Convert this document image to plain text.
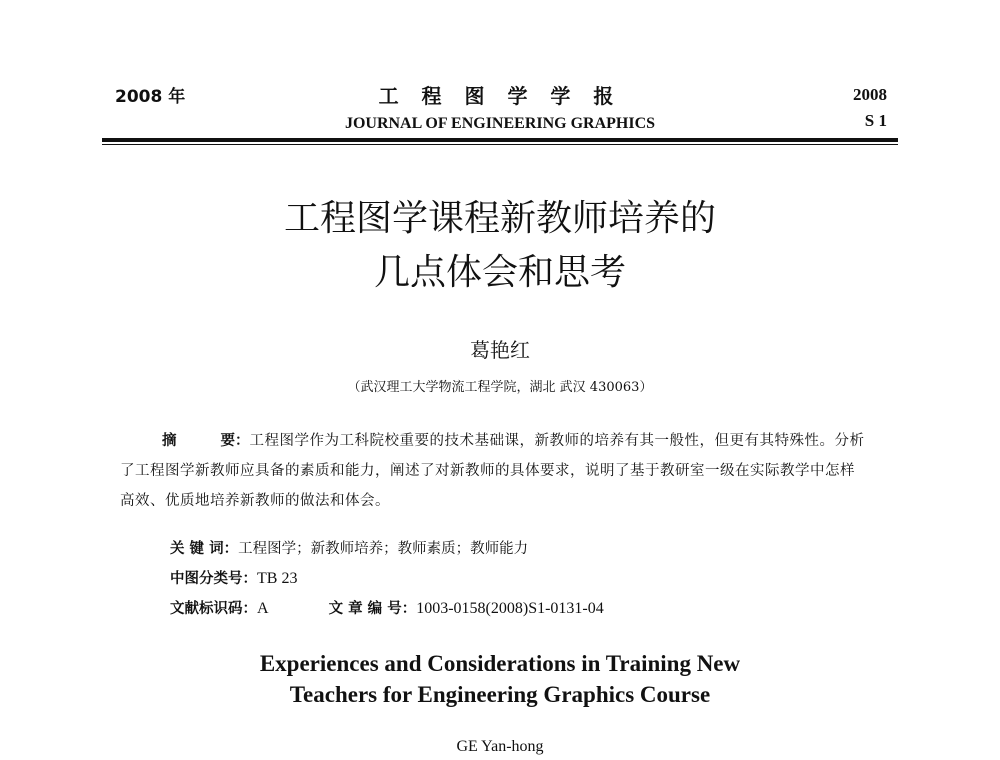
2008 年	工 程 图 学 学 报
JOURNAL OF ENGINEERING GRAPHICS
2008
S 1
工程图学课程新教师培养的
几点体会和思考
葛艳红
（武汉理工大学物流工程学院，湖北 武汉 430063）
摘	要：工程图学作为工科院校重要的技术基础课，新教师的培养有其一般性，但更有其特殊性。分析了工程图学新教师应具备的素质和能力，阐述了对新教师的具体要求，说明了基于教研室一级在实际教学中怎样高效、优质地培养新教师的做法和体会。
关 键 词：工程图学；新教师培养；教师素质；教师能力
中图分类号：TB 23
文献标识码：A	文 章 编 号：1003-0158(2008)S1-0131-04
Experiences and Considerations in Training New
Teachers for Engineering Graphics Course
GE Yan-hong
